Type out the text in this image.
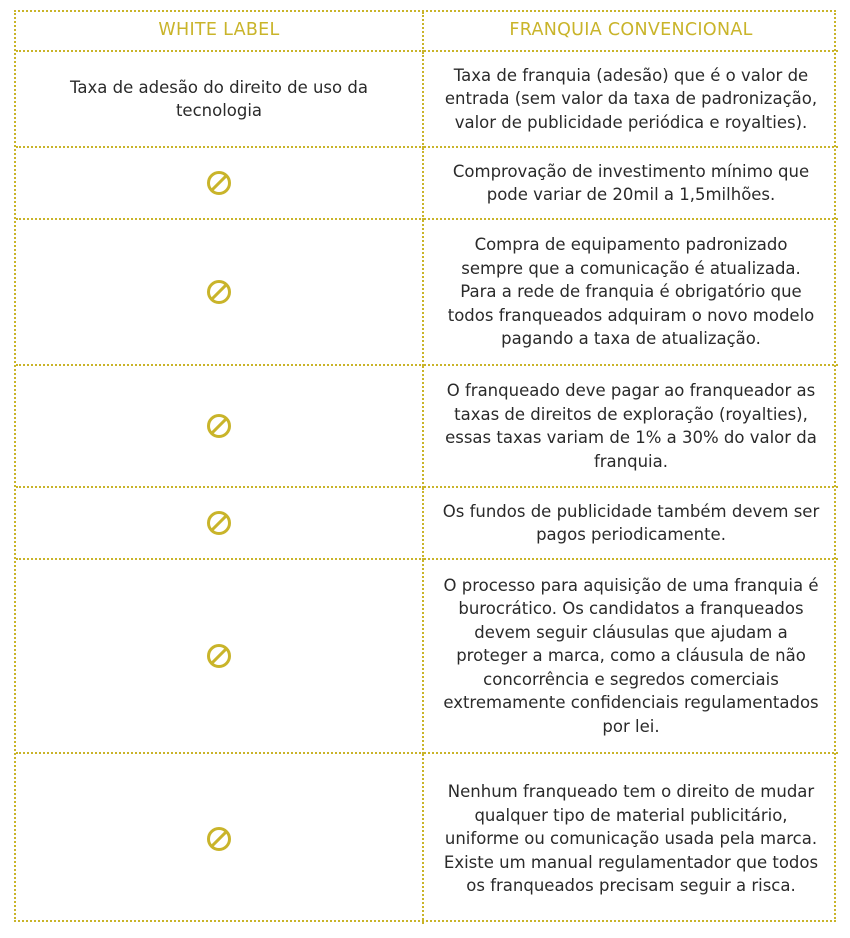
WHITE LABEL	FRANQUIA CONVENCIONAL
Taxa de adesão do direito de uso da tecnologia
Taxa de franquia (adesão) que é o valor de entrada (sem valor da taxa de padronização, valor de publicidade periódica e royalties).
Comprovação de investimento mínimo que pode variar de 20mil a 1,5milhões.
Compra de equipamento padronizado sempre que a comunicação é atualizada. Para a rede de franquia é obrigatório que todos franqueados adquiram o novo modelo pagando a taxa de atualização.
O franqueado deve pagar ao franqueador as taxas de direitos de exploração (royalties), essas taxas variam de 1% a 30% do valor da franquia.
Os fundos de publicidade também devem ser pagos periodicamente.
O processo para aquisição de uma franquia é burocrático. Os candidatos a franqueados devem seguir cláusulas que ajudam a proteger a marca, como a cláusula de não concorrência e segredos comerciais extremamente confidenciais regulamentados por lei.
Nenhum franqueado tem o direito de mudar qualquer tipo de material publicitário, uniforme ou comunicação usada pela marca. Existe um manual regulamentador que todos os franqueados precisam seguir a risca.
